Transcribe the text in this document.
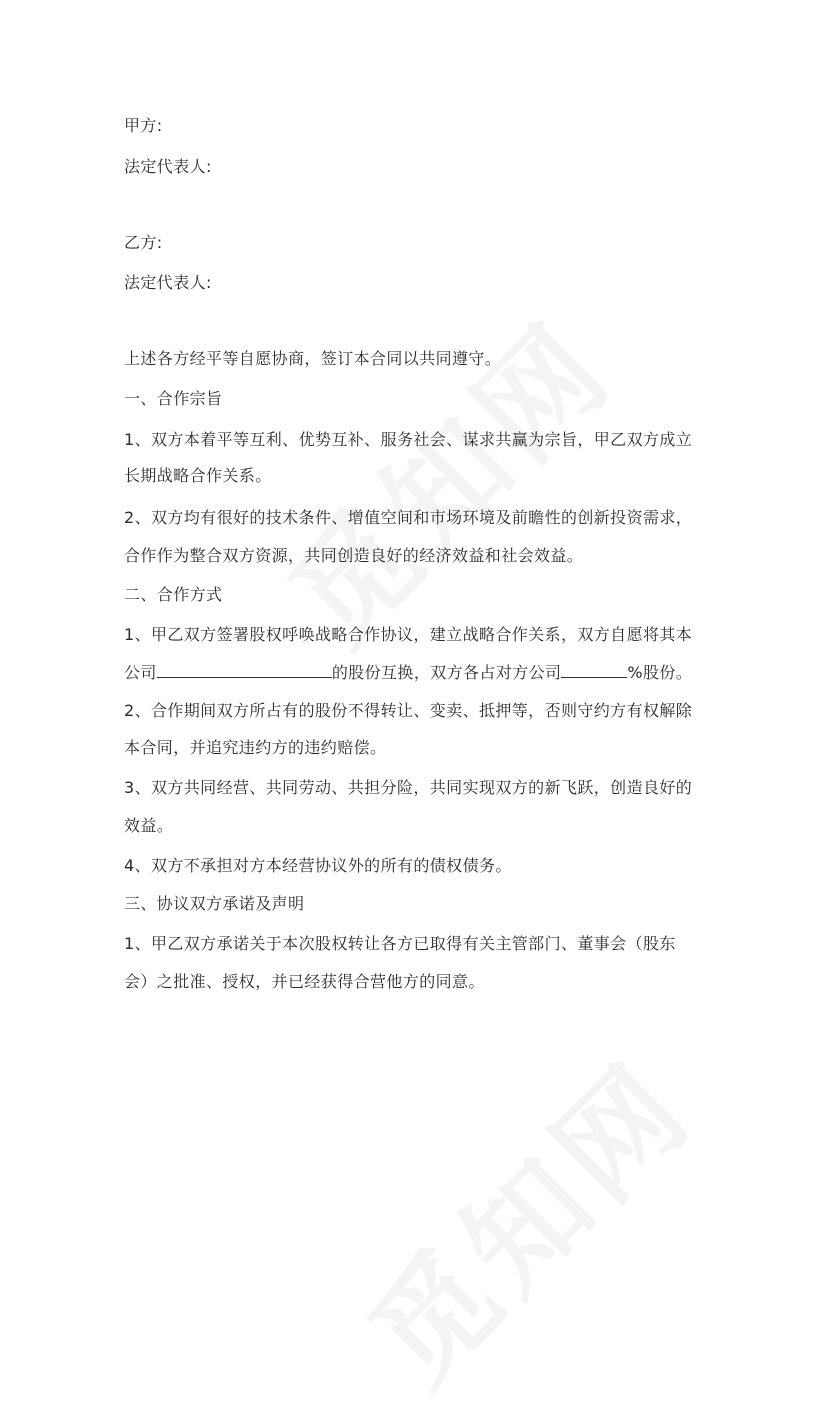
甲方:
法定代表人:
乙方:
法定代表人:
上述各方经平等自愿协商，签订本合同以共同遵守。
一、合作宗旨
1、双方本着平等互利、优势互补、服务社会、谋求共赢为宗旨，甲乙双方成立
长期战略合作关系。
2、双方均有很好的技术条件、增值空间和市场环境及前瞻性的创新投资需求，
合作作为整合双方资源，共同创造良好的经济效益和社会效益。
二、合作方式
1、甲乙双方签署股权呼唤战略合作协议，建立战略合作关系，双方自愿将其本
公司	的股份互换，双方各占对方公司	%股份。
2、合作期间双方所占有的股份不得转让、变卖、抵押等，否则守约方有权解除
本合同，并追究违约方的违约赔偿。
3、双方共同经营、共同劳动、共担分险，共同实现双方的新飞跃，创造良好的
效益。
4、双方不承担对方本经营协议外的所有的债权债务。
三、协议双方承诺及声明
1、甲乙双方承诺关于本次股权转让各方已取得有关主管部门、董事会（股东
会）之批准、授权，并已经获得合营他方的同意。
